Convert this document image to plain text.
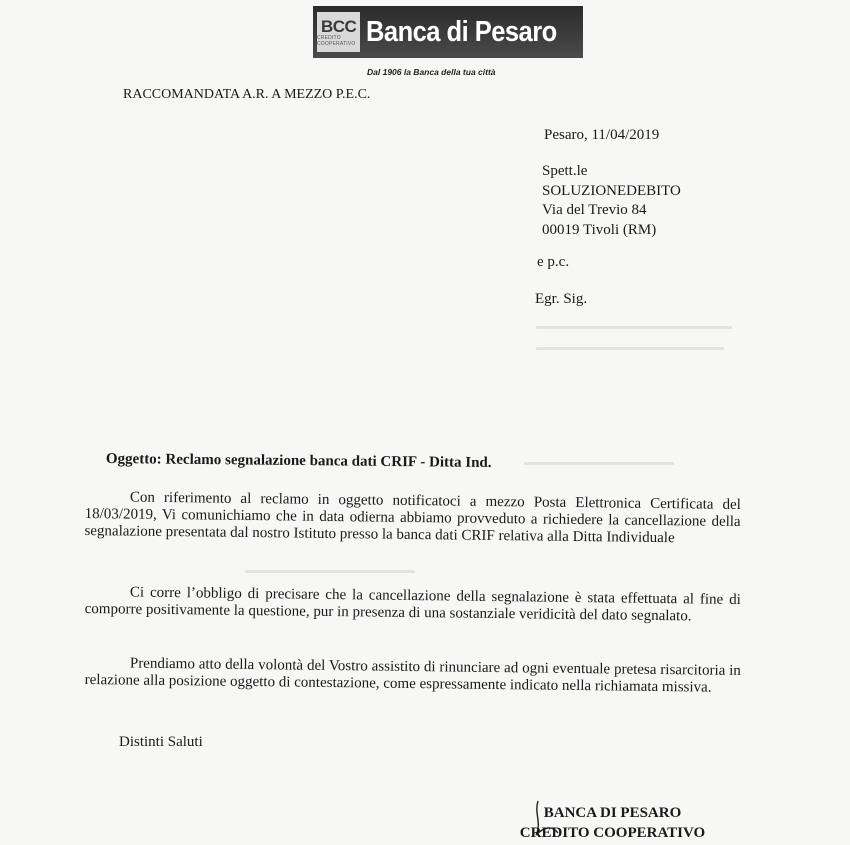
BCC
CREDITO COOPERATIVO Banca di Pesaro
Dal 1906 la Banca della tua città
RACCOMANDATA A.R. A MEZZO P.E.C.
Pesaro, 11/04/2019
Spett.le
SOLUZIONEDEBITO
Via del Trevio 84
00019 Tivoli (RM)
e p.c.
Egr. Sig.
Oggetto: Reclamo segnalazione banca dati CRIF - Ditta Ind.
Con riferimento al reclamo in oggetto notificatoci a mezzo Posta Elettronica Certificata del 18/03/2019, Vi comunichiamo che in data odierna abbiamo provveduto a richiedere la cancellazione della segnalazione presentata dal nostro Istituto presso la banca dati CRIF relativa alla Ditta Individuale
Ci corre l’obbligo di precisare che la cancellazione della segnalazione è stata effettuata al fine di comporre positivamente la questione, pur in presenza di una sostanziale veridicità del dato segnalato.
Prendiamo atto della volontà del Vostro assistito di rinunciare ad ogni eventuale pretesa risarcitoria in relazione alla posizione oggetto di contestazione, come espressamente indicato nella richiamata missiva.
Distinti Saluti
BANCA DI PESARO
CREDITO COOPERATIVO
